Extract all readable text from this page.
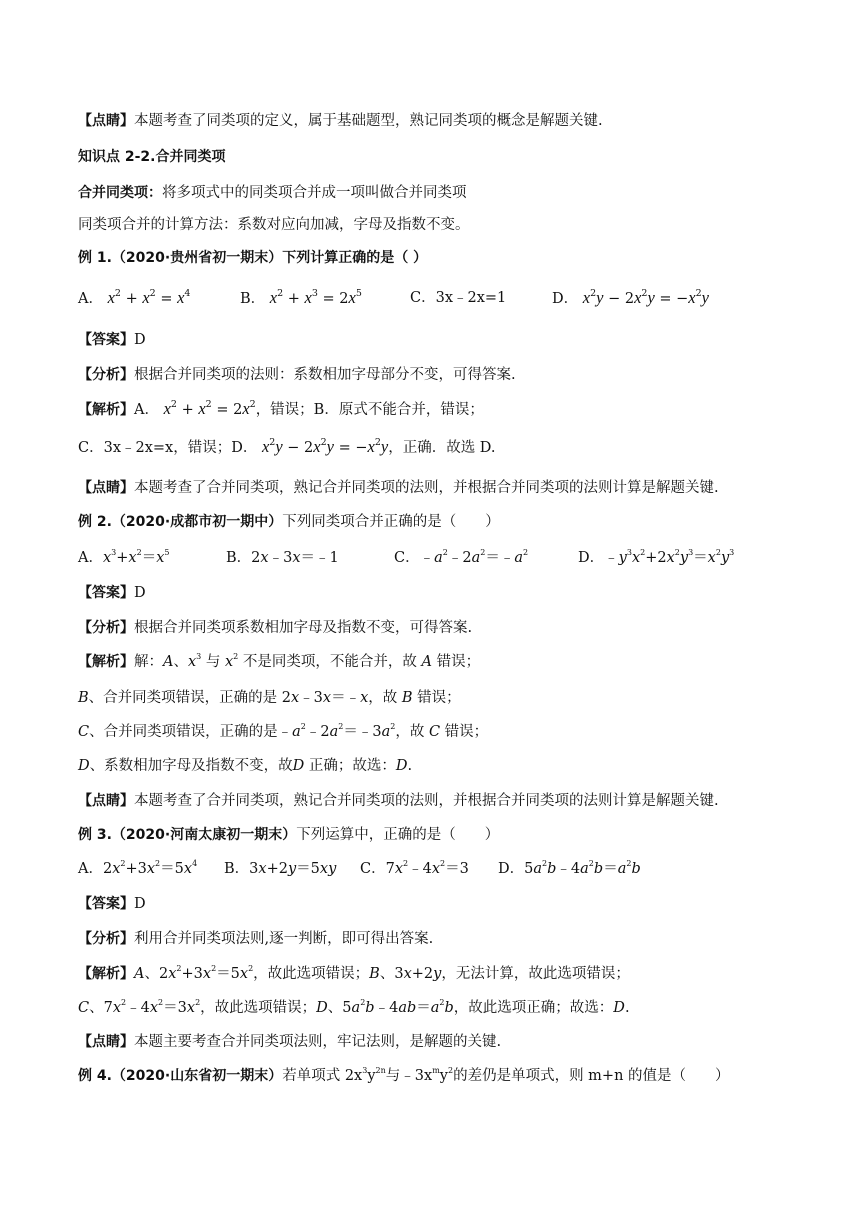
【点睛】本题考查了同类项的定义，属于基础题型，熟记同类项的概念是解题关键.
知识点 2-2.合并同类项
合并同类项：将多项式中的同类项合并成一项叫做合并同类项
同类项合并的计算方法：系数对应向加减，字母及指数不变。
例 1.（2020·贵州省初一期末）下列计算正确的是（ ）
A． $x^2 + x^2 = x^4$	B． $x^2 + x^3 = 2x^5$	C．3x﹣2x=1	D． $x^2y - 2x^2y = -x^2y$
【答案】D
【分析】根据合并同类项的法则：系数相加字母部分不变，可得答案.
【解析】A． $x^2 + x^2 = 2x^2$，错误；B．原式不能合并，错误；
C．3x﹣2x=x，错误；D． $x^2y - 2x^2y = -x^2y$，正确．故选 D.
【点睛】本题考查了合并同类项，熟记合并同类项的法则，并根据合并同类项的法则计算是解题关键.
例 2.（2020·成都市初一期中）下列同类项合并正确的是（　　）
A．$x^3+x^2=x^5$	B．2x﹣3x＝﹣1	C．$﹣a^2﹣2a^2=﹣a^2$	D．$﹣y^3x^2+2x^2y^3=x^2y^3$
【答案】D
【分析】根据合并同类项系数相加字母及指数不变，可得答案.
【解析】解：A、$x^3$ 与 $x^2$ 不是同类项，不能合并，故 A 错误；
B、合并同类项错误，正确的是 2x﹣3x＝﹣x，故 B 错误；
C、合并同类项错误，正确的是$﹣a^2﹣2a^2=﹣3a^2$，故 C 错误；
D、系数相加字母及指数不变，故D 正确；故选：D.
【点睛】本题考查了合并同类项，熟记合并同类项的法则，并根据合并同类项的法则计算是解题关键.
例 3.（2020·河南太康初一期末）下列运算中，正确的是（　　）
A．$2x^2+3x^2=5x^4$ B．3x+2y＝5xy C．$7x^2﹣4x^2=3$ D．$5a^2b﹣4a^2b=a^2b$
【答案】D
【分析】利用合并同类项法则,逐一判断，即可得出答案.
【解析】A、$2x^2+3x^2=5x^2$，故此选项错误；B、3x+2y，无法计算，故此选项错误；
C、$7x^2﹣4x^2=3x^2$，故此选项错误；D、$5a^2b﹣4ab=a^2b$，故此选项正确；故选：D.
【点睛】本题主要考查合并同类项法则，牢记法则，是解题的关键.
例 4.（2020·山东省初一期末）若单项式 $2x^3y^{2n}$与$﹣3x^my^2$的差仍是单项式，则 m+n 的值是（　　）
